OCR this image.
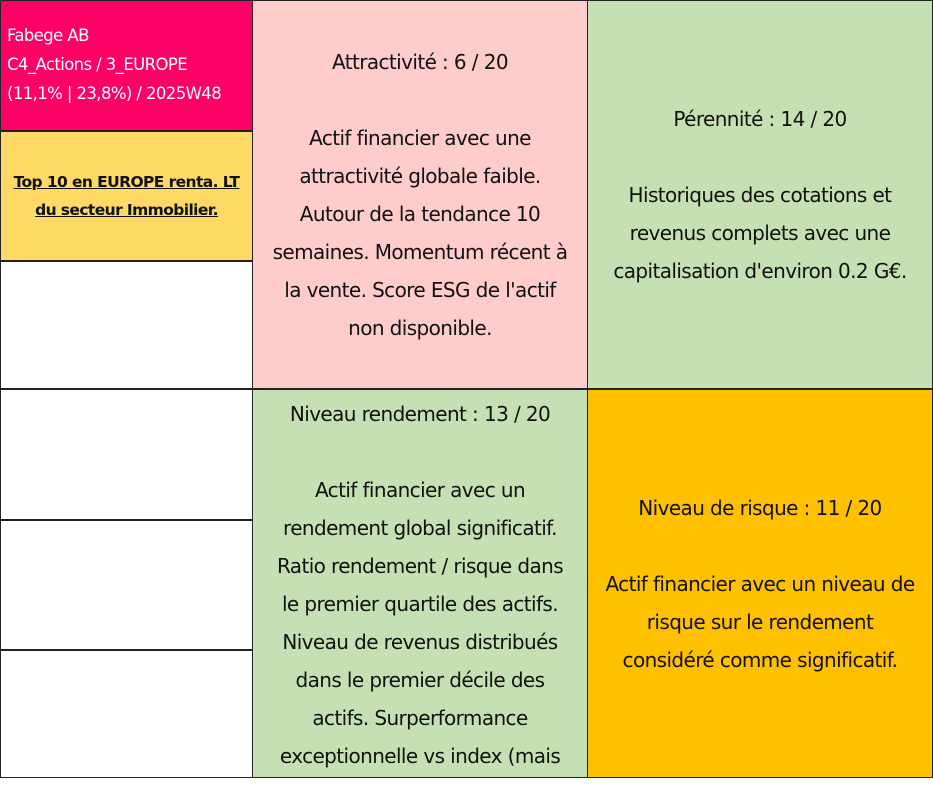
Fabege AB
C4_Actions / 3_EUROPE
(11,1% | 23,8%) / 2025W48
Top 10 en EUROPE renta. LT du secteur Immobilier.
Attractivité : 6 / 20
Actif financier avec une
attractivité globale faible.
Autour de la tendance 10
semaines. Momentum récent à
la vente. Score ESG de l'actif
non disponible.
Pérennité : 14 / 20
Historiques des cotations et
revenus complets avec une
capitalisation d'environ 0.2 G€.
Niveau rendement : 13 / 20
Actif financier avec un
rendement global significatif.
Ratio rendement / risque dans
le premier quartile des actifs.
Niveau de revenus distribués
dans le premier décile des
actifs. Surperformance
exceptionnelle vs index (mais
Niveau de risque : 11 / 20
Actif financier avec un niveau de
risque sur le rendement
considéré comme significatif.
